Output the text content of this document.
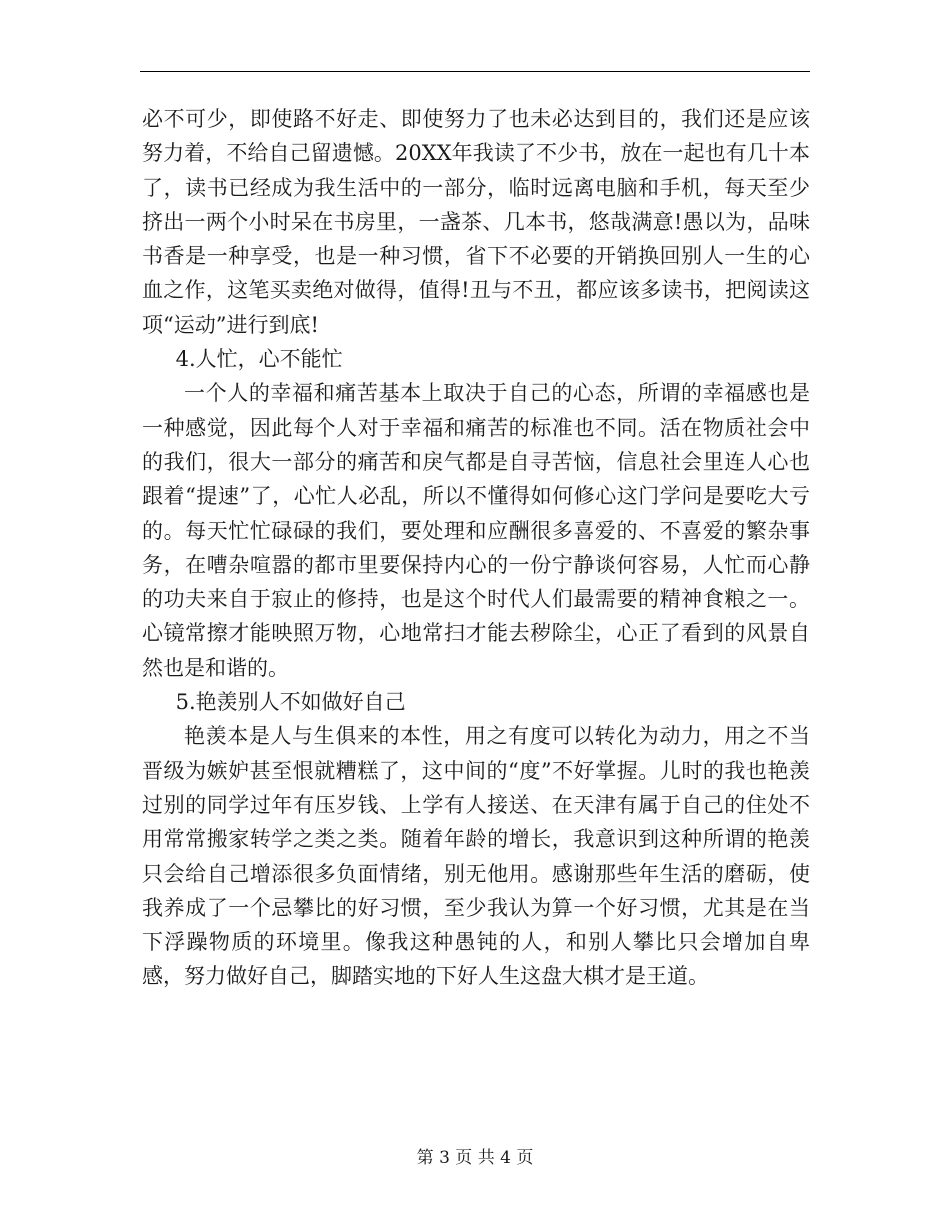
必不可少，即使路不好走、即使努力了也未必达到目的，我们还是应该努力着，不给自己留遗憾。20XX年我读了不少书，放在一起也有几十本了，读书已经成为我生活中的一部分，临时远离电脑和手机，每天至少挤出一两个小时呆在书房里，一盏茶、几本书，悠哉满意!愚以为，品味书香是一种享受，也是一种习惯，省下不必要的开销换回别人一生的心血之作，这笔买卖绝对做得，值得!丑与不丑，都应该多读书，把阅读这项“运动”进行到底!

4.人忙，心不能忙

一个人的幸福和痛苦基本上取决于自己的心态，所谓的幸福感也是一种感觉，因此每个人对于幸福和痛苦的标准也不同。活在物质社会中的我们，很大一部分的痛苦和戾气都是自寻苦恼，信息社会里连人心也跟着“提速”了，心忙人必乱，所以不懂得如何修心这门学问是要吃大亏的。每天忙忙碌碌的我们，要处理和应酬很多喜爱的、不喜爱的繁杂事务，在嘈杂喧嚣的都市里要保持内心的一份宁静谈何容易，人忙而心静的功夫来自于寂止的修持，也是这个时代人们最需要的精神食粮之一。心镜常擦才能映照万物，心地常扫才能去秽除尘，心正了看到的风景自然也是和谐的。

5.艳羡别人不如做好自己

艳羡本是人与生俱来的本性，用之有度可以转化为动力，用之不当晋级为嫉妒甚至恨就糟糕了，这中间的“度”不好掌握。儿时的我也艳羡过别的同学过年有压岁钱、上学有人接送、在天津有属于自己的住处不用常常搬家转学之类之类。随着年龄的增长，我意识到这种所谓的艳羡只会给自己增添很多负面情绪，别无他用。感谢那些年生活的磨砺，使我养成了一个忌攀比的好习惯，至少我认为算一个好习惯，尤其是在当下浮躁物质的环境里。像我这种愚钝的人，和别人攀比只会增加自卑感，努力做好自己，脚踏实地的下好人生这盘大棋才是王道。

第 3 页 共 4 页
